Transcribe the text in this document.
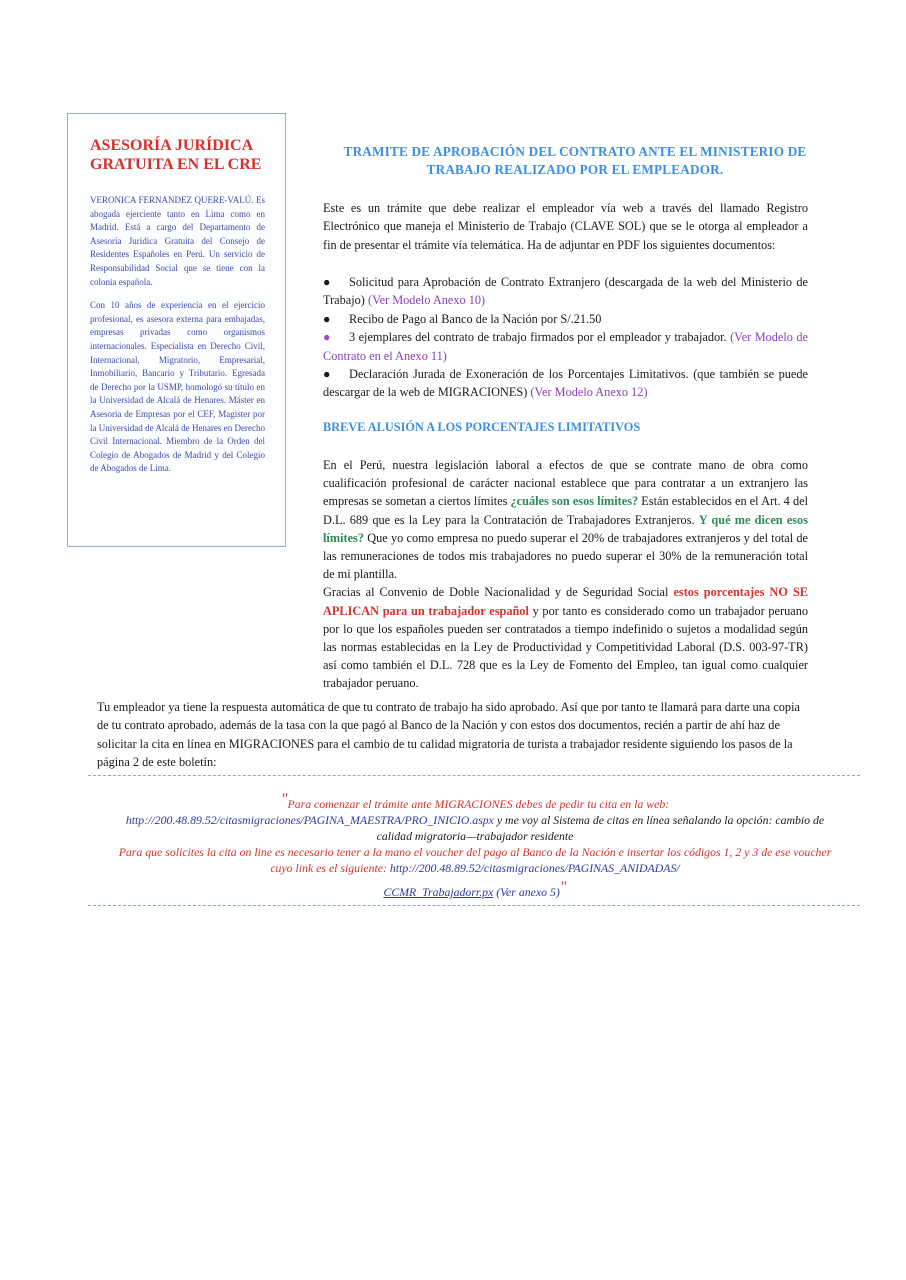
ASESORÍA JURÍDICA GRATUITA EN EL CRE

VERONICA FERNANDEZ QUERE-VALÚ. Es abogada ejerciente tanto en Lima como en Madrid. Está a cargo del Departamento de Asesoría Jurídica Gratuita del Consejo de Residentes Españoles en Perú. Un servicio de Responsabilidad Social que se tiene con la colonia española.

Con 10 años de experiencia en el ejercicio profesional, es asesora externa para embajadas, empresas privadas como organismos internacionales. Especialista en Derecho Civil, Internacional, Migratorio, Empresarial, Inmobiliario, Bancario y Tributario. Egresada de Derecho por la USMP, homologó su título en la Universidad de Alcalá de Henares. Máster en Asesoría de Empresas por el CEF, Magister por la Universidad de Alcalá de Henares en Derecho Civil Internacional. Miembro de la Orden del Colegio de Abogados de Madrid y del Colegio de Abogados de Lima.

TRAMITE DE APROBACIÓN DEL CONTRATO ANTE EL MINISTERIO DE TRABAJO REALIZADO POR EL EMPLEADOR.

Este es un trámite que debe realizar el empleador vía web a través del llamado Registro Electrónico que maneja el Ministerio de Trabajo (CLAVE SOL) que se le otorga al empleador a fin de presentar el trámite vía telemática. Ha de adjuntar en PDF los siguientes documentos:

● Solicitud para Aprobación de Contrato Extranjero (descargada de la web del Ministerio de Trabajo) (Ver Modelo Anexo 10)
● Recibo de Pago al Banco de la Nación por S/.21.50
● 3 ejemplares del contrato de trabajo firmados por el empleador y trabajador. (Ver Modelo de Contrato en el Anexo 11)
● Declaración Jurada de Exoneración de los Porcentajes Limitativos. (que también se puede descargar de la web de MIGRACIONES) (Ver Modelo Anexo 12)
BREVE ALUSIÓN A LOS PORCENTAJES LIMITATIVOS
En el Perú, nuestra legislación laboral a efectos de que se contrate mano de obra como cualificación profesional de carácter nacional establece que para contratar a un extranjero las empresas se sometan a ciertos límites ¿cuáles son esos límites? Están establecidos en el Art. 4 del D.L. 689 que es la Ley para la Contratación de Trabajadores Extranjeros. Y qué me dicen esos límites? Que yo como empresa no puedo superar el 20% de trabajadores extranjeros y del total de las remuneraciones de todos mis trabajadores no puedo superar el 30% de la remuneración total de mi plantilla.
Gracias al Convenio de Doble Nacionalidad y de Seguridad Social estos porcentajes NO SE APLICAN para un trabajador español y por tanto es considerado como un trabajador peruano por lo que los españoles pueden ser contratados a tiempo indefinido o sujetos a modalidad según las normas establecidas en la Ley de Productividad y Competitividad Laboral (D.S. 003-97-TR) así como también el D.L. 728 que es la Ley de Fomento del Empleo, tan igual como cualquier trabajador peruano.

Tu empleador ya tiene la respuesta automática de que tu contrato de trabajo ha sido aprobado. Así que por tanto te llamará para darte una copia de tu contrato aprobado, además de la tasa con la que pagó al Banco de la Nación y con estos dos documentos, recién a partir de ahí haz de solicitar la cita en línea en MIGRACIONES para el cambio de tu calidad migratoria de turista a trabajador residente siguiendo los pasos de la página 2 de este boletín:

"Para comenzar el trámite ante MIGRACIONES debes de pedir tu cita en la web: http://200.48.89.52/citasmigraciones/PAGINA_MAESTRA/PRO_INICIO.aspx y me voy al Sistema de citas en línea señalando la opción: cambio de calidad migratoria—trabajador residente
Para que solicites la cita on line es necesario tener a la mano el voucher del pago al Banco de la Nación e insertar los códigos 1, 2 y 3 de ese voucher cuyo link es el siguiente: http://200.48.89.52/citasmigraciones/PAGINAS_ANIDADAS/
CCMR_Trabajadorr.px (Ver anexo 5)"
